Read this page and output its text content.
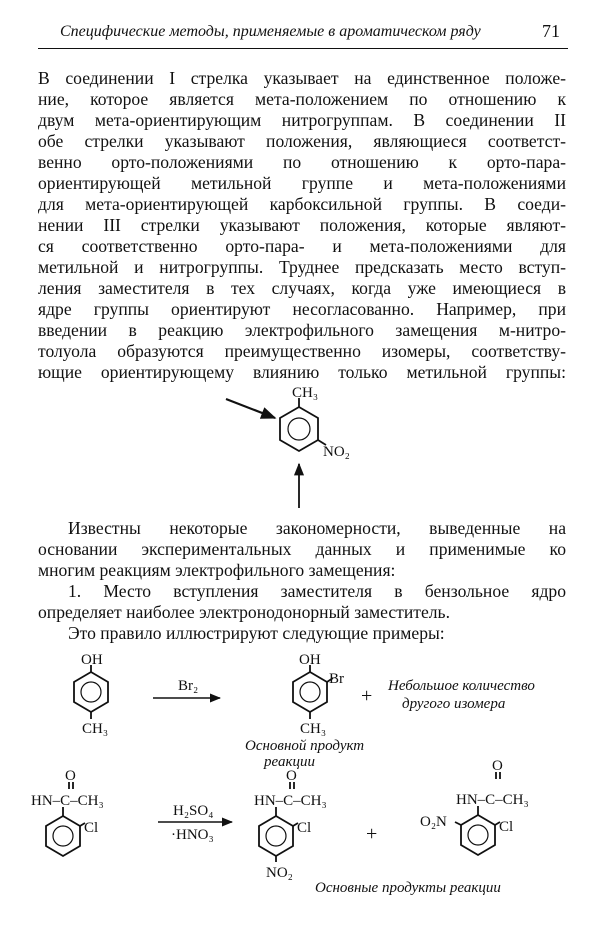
Специфические методы, применяемые в ароматическом ряду	71
В соединении I стрелка указывает на единственное положе-
ние, которое является мета-положением по отношению к
двум мета-ориентирующим нитрогруппам. В соединении II
обе стрелки указывают положения, являющиеся соответст-
венно орто-положениями по отношению к орто-пара-
ориентирующей метильной группе и мета-положениями
для мета-ориентирующей карбоксильной группы. В соеди-
нении III стрелки указывают положения, которые являют-
ся соответственно орто-пара- и мета-положениями для
метильной и нитрогруппы. Труднее предсказать место вступ-
ления заместителя в тех случаях, когда уже имеющиеся в
ядре группы ориентируют несогласованно. Например, при
введении в реакцию электрофильного замещения м-нитро-
толуола образуются преимущественно изомеры, соответству-
ющие ориентирующему влиянию только метильной группы:
Известны некоторые закономерности, выведенные на
основании экспериментальных данных и применимые ко
многим реакциям электрофильного замещения:
1. Место вступления заместителя в бензольное ядро
определяет наиболее электронодонорный заместитель.
Это правило иллюстрируют следующие примеры:
CH₃
NO₂
OH
CH₃
Br₂
OH
Br
CH₃
+
Основной продукт
реакции
Небольшое количество
другого изомера
O
HN–C–CH₃
Cl
H₂SO₄
·HNO₃
O
HN–C–CH₃
Cl
NO₂
+
O
HN–C–CH₃
Cl
O₂N
Основные продукты реакции
